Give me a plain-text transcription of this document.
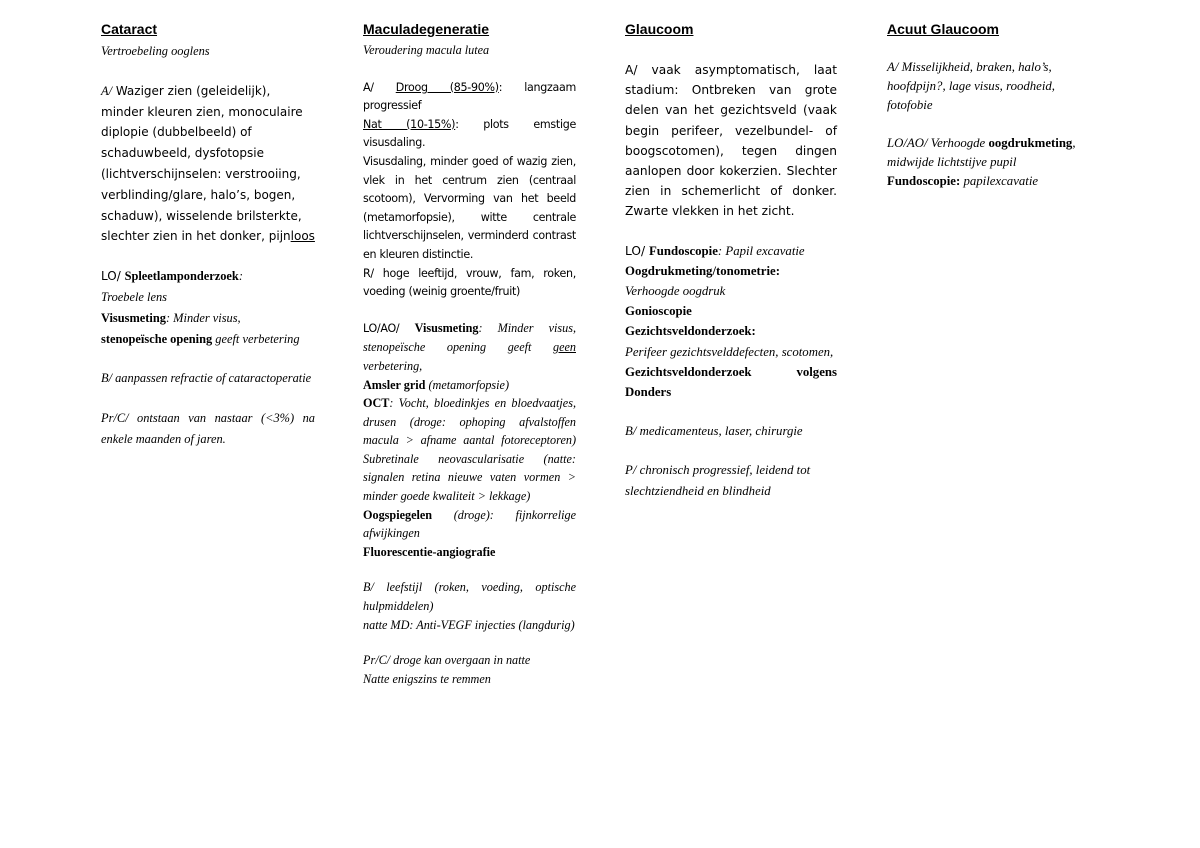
Cataract

Vertroebeling ooglens

A/ Waziger zien (geleidelijk), minder kleuren zien, monoculaire diplopie (dubbelbeeld) of schaduwbeeld, dysfotopsie (lichtverschijnselen: verstrooiing, verblinding/glare, halo’s, bogen, schaduw), wisselende brilsterkte, slechter zien in het donker, pijnloos

LO/ Spleetlamponderzoek:
Troebele lens
Visusmeting: Minder visus,
stenopeïsche opening geeft verbetering

B/ aanpassen refractie of cataractoperatie

Pr/C/ ontstaan van nastaar (<3%) na enkele maanden of jaren.

Maculadegeneratie

Veroudering macula lutea

A/ Droog (85-90%): langzaam progressief
Nat (10-15%): plots emstige visusdaling.
Visusdaling, minder goed of wazig zien, vlek in het centrum zien (centraal scotoom), Vervorming van het beeld (metamorfopsie), witte centrale lichtverschijnselen, verminderd contrast en kleuren distinctie.
R/ hoge leeftijd, vrouw, fam, roken, voeding (weinig groente/fruit)

LO/AO/ Visusmeting: Minder visus, stenopeïsche opening geeft geen verbetering,
Amsler grid (metamorfopsie)
OCT: Vocht, bloedinkjes en bloedvaatjes, drusen (droge: ophoping afvalstoffen macula > afname aantal fotoreceptoren) Subretinale neovascularisatie (natte: signalen retina nieuwe vaten vormen > minder goede kwaliteit > lekkage)
Oogspiegelen (droge): fijnkorrelige afwijkingen
Fluorescentie-angiografie

B/ leefstijl (roken, voeding, optische hulpmiddelen)
natte MD: Anti-VEGF injecties (langdurig)

Pr/C/ droge kan overgaan in natte
Natte enigszins te remmen

Glaucoom

A/ vaak asymptomatisch, laat stadium: Ontbreken van grote delen van het gezichtsveld (vaak begin perifeer, vezelbundel- of boogscotomen), tegen dingen aanlopen door kokerzien. Slechter zien in schemerlicht of donker. Zwarte vlekken in het zicht.

LO/ Fundoscopie: Papil excavatie
Oogdrukmeting/tonometrie:
Verhoogde oogdruk
Gonioscopie
Gezichtsveldonderzoek:
Perifeer gezichtsvelddefecten, scotomen,
Gezichtsveldonderzoek volgens Donders

B/ medicamenteus, laser, chirurgie

P/ chronisch progressief, leidend tot slechtziendheid en blindheid

Acuut Glaucoom

A/ Misselijkheid, braken, halo’s, hoofdpijn?, lage visus, roodheid, fotofobie

LO/AO/ Verhoogde oogdrukmeting, midwijde lichtstijve pupil
Fundoscopie: papilexcavatie
